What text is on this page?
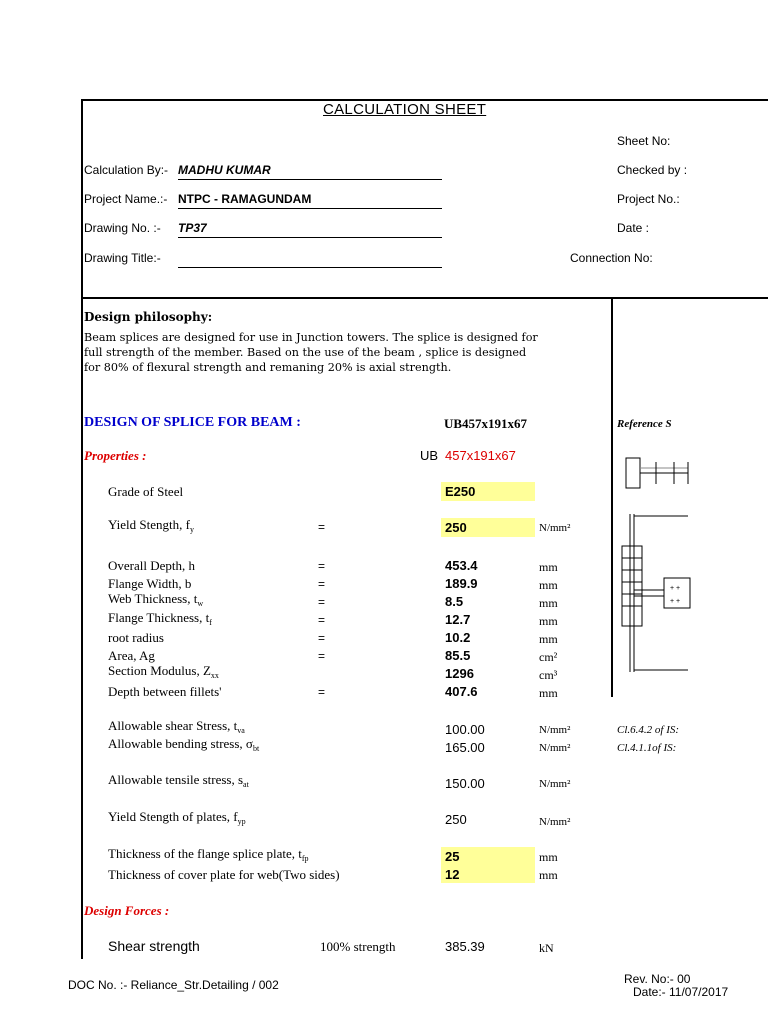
CALCULATION SHEET
Calculation By:- MADHU KUMAR
Project Name.:- NTPC - RAMAGUNDAM
Drawing No. :- TP37
Drawing Title:-
Sheet No:
Checked by :
Project No.:
Date :
Connection No:
Design philosophy:
Beam splices are designed for use in Junction towers. The splice is designed for
full strength of the member. Based on the use of the beam , splice is designed
for 80% of flexural strength and remaning 20% is axial strength.
DESIGN OF SPLICE FOR BEAM :	UB457x191x67	Reference S
Properties :	UB 457x191x67
+ +
+ +
Grade of Steel	E250
Yield Stength, $f_y$	=	250	N/mm²
Overall Depth, h	=	453.4	mm
Flange Width, b	=	189.9	mm
Web Thickness, $t_w$	=	8.5	mm
Flange Thickness, $t_f$	=	12.7	mm
root radius	=	10.2	mm
Area, Ag	=	85.5	cm²
Section Modulus, $Z_{xx}$	1296	cm³
Depth between fillets'	=	407.6	mm
Allowable shear Stress, $t_{va}$	100.00	N/mm²	Cl.6.4.2 of IS:
Allowable bending stress, $\sigma_{bt}$	165.00	N/mm²	Cl.4.1.1of IS:
Allowable tensile stress, $s_{at}$	150.00	N/mm²
Yield Stength of plates, $f_{yp}$	250	N/mm²
Thickness of the flange splice plate, $t_{fp}$	25	mm
Thickness of cover plate for web(Two sides)	12	mm
Design Forces :
Shear strength	100% strength	385.39	kN
DOC No. :- Reliance_Str.Detailing / 002	Rev. No:- 00
Date:- 11/07/2017
